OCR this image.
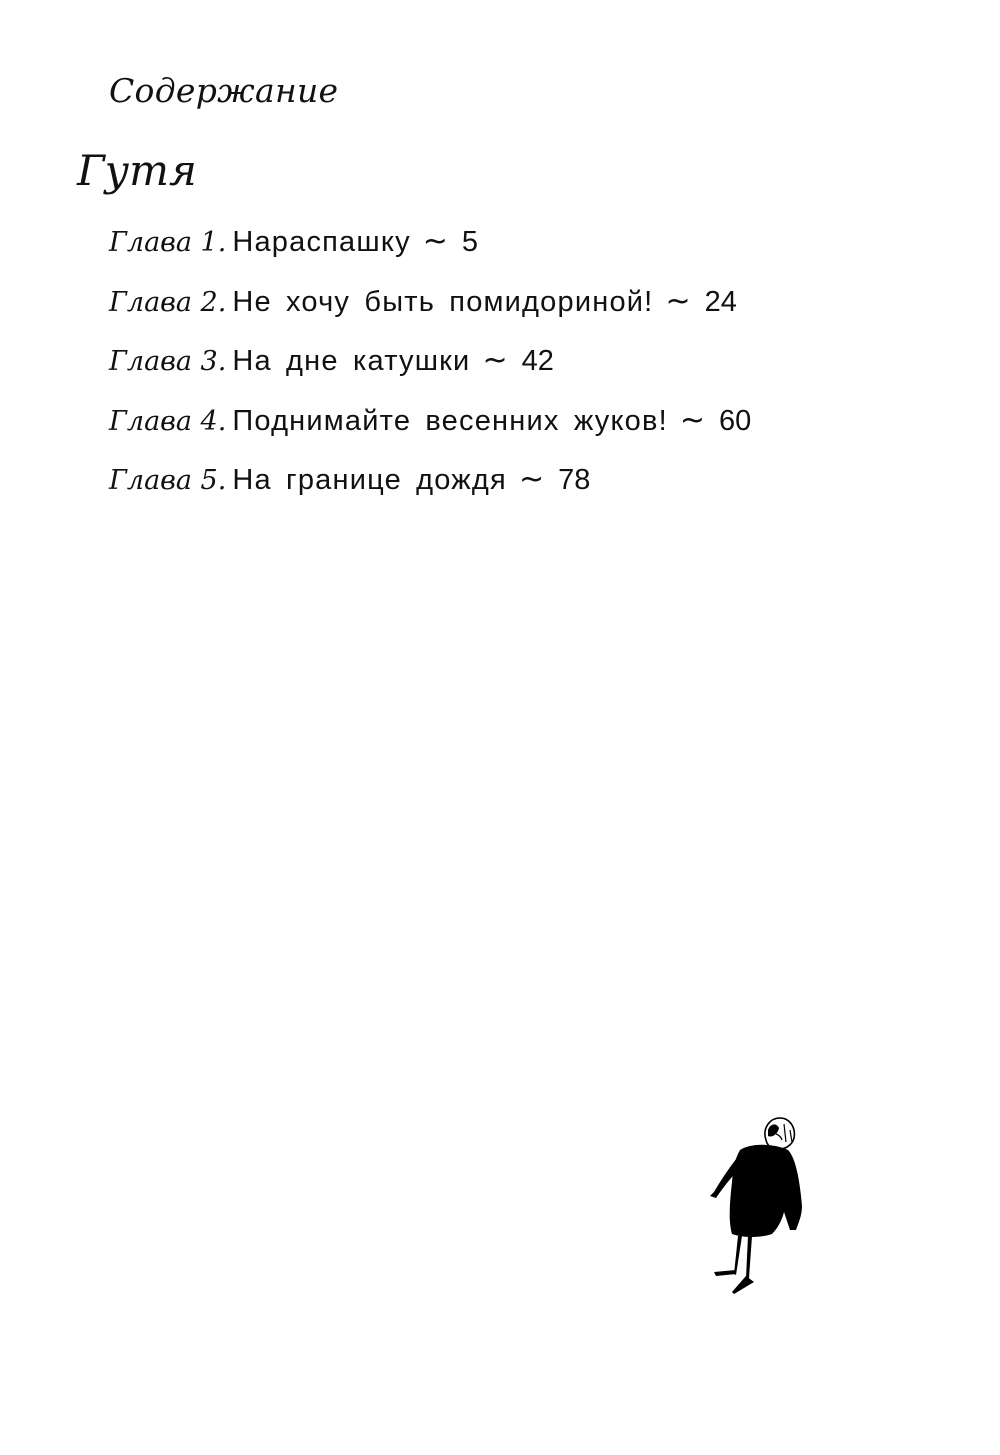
Содержание
Гутя
Глава 1. Нараспашку ~ 5
Глава 2. Не хочу быть помидориной! ~ 24
Глава 3. На дне катушки ~ 42
Глава 4. Поднимайте весенних жуков! ~ 60
Глава 5. На границе дождя ~ 78
